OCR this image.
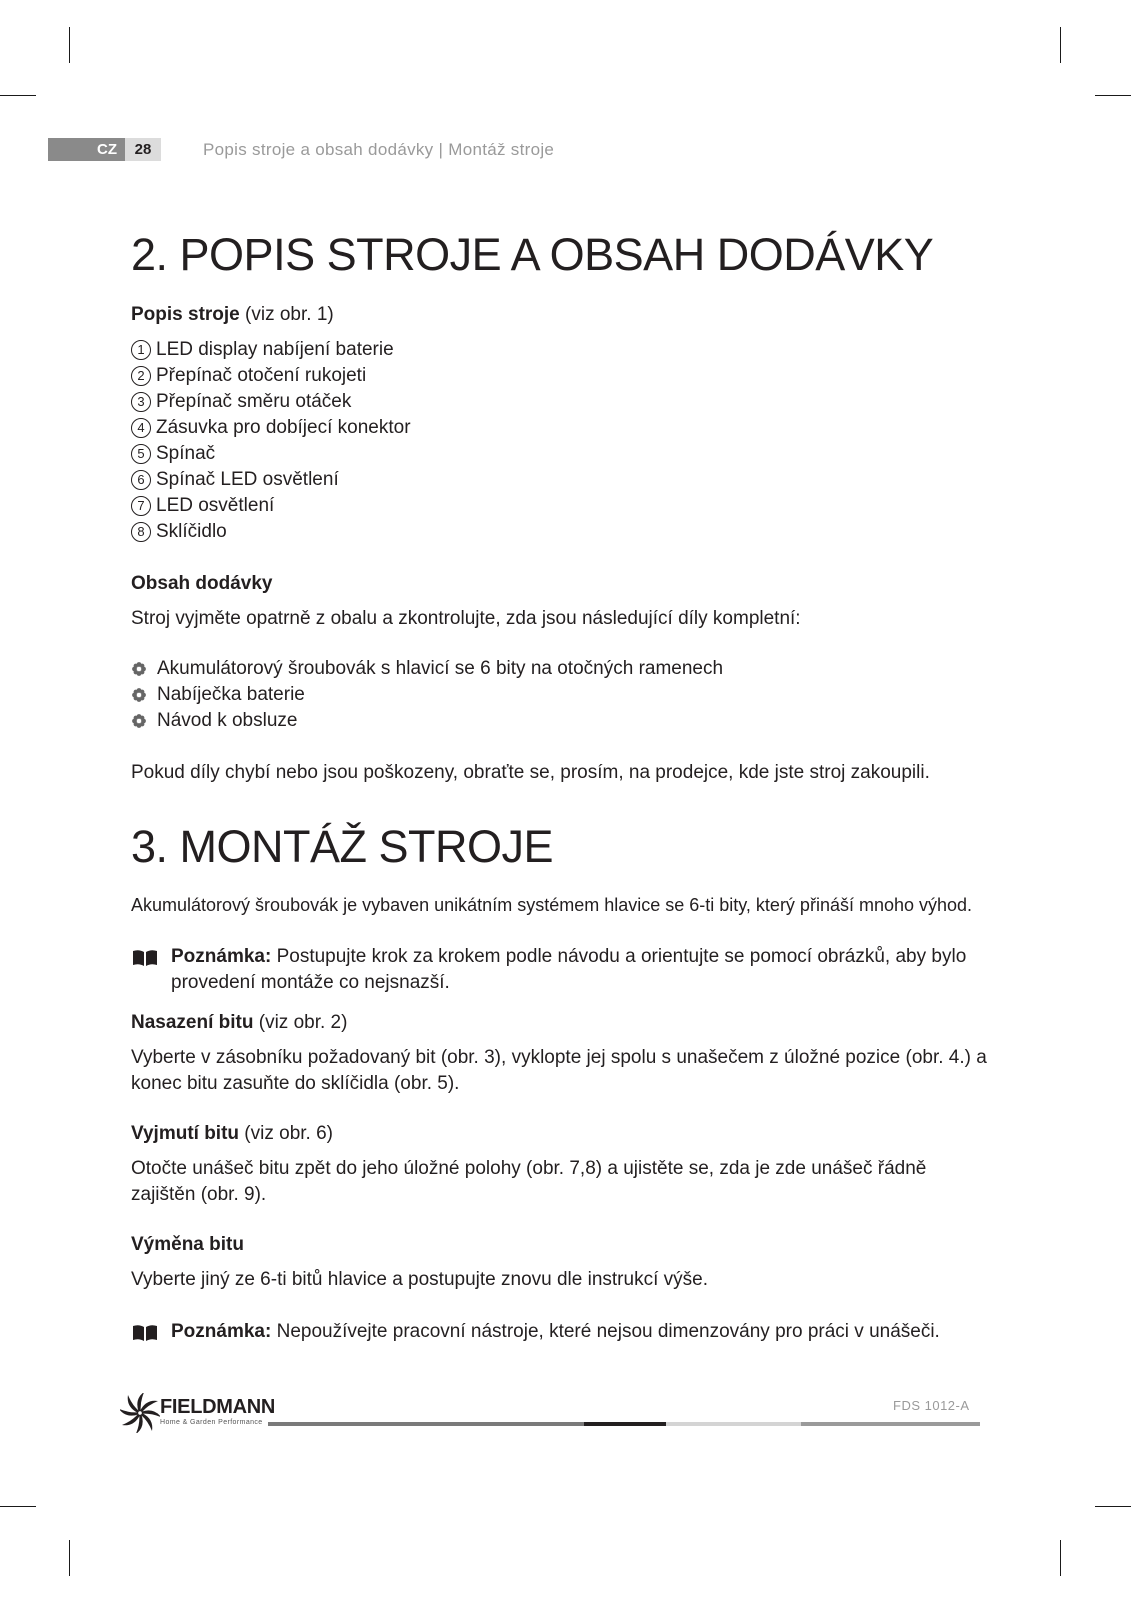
CZ	28	Popis stroje a obsah dodávky | Montáž stroje
2. POPIS STROJE A OBSAH DODÁVKY
Popis stroje (viz obr. 1)
1 LED display nabíjení baterie
2 Přepínač otočení rukojeti
3 Přepínač směru otáček
4 Zásuvka pro dobíjecí konektor
5 Spínač
6 Spínač LED osvětlení
7 LED osvětlení
8 Sklíčidlo
Obsah dodávky

Stroj vyjměte opatrně z obalu a zkontrolujte, zda jsou následující díly kompletní:

Akumulátorový šroubovák s hlavicí se 6 bity na otočných ramenech
Nabíječka baterie
Návod k obsluze

Pokud díly chybí nebo jsou poškozeny, obraťte se, prosím, na prodejce, kde jste stroj zakoupili.

3. MONTÁŽ STROJE

Akumulátorový šroubovák je vybaven unikátním systémem hlavice se 6-ti bity, který přináší mnoho výhod.

Poznámka: Postupujte krok za krokem podle návodu a orientujte se pomocí obrázků, aby bylo provedení montáže co nejsnazší.

Nasazení bitu (viz obr. 2)

Vyberte v zásobníku požadovaný bit (obr. 3), vyklopte jej spolu s unašečem z úložné pozice (obr. 4.) a konec bitu zasuňte do sklíčidla (obr. 5).

Vyjmutí bitu (viz obr. 6)

Otočte unášeč bitu zpět do jeho úložné polohy (obr. 7,8) a ujistěte se, zda je zde unášeč řádně zajištěn (obr. 9).

Výměna bitu

Vyberte jiný ze 6-ti bitů hlavice a postupujte znovu dle instrukcí výše.

Poznámka: Nepoužívejte pracovní nástroje, které nejsou dimenzovány pro práci v unášeči.

FIELDMANN
Home & Garden Performance
FDS 1012-A
